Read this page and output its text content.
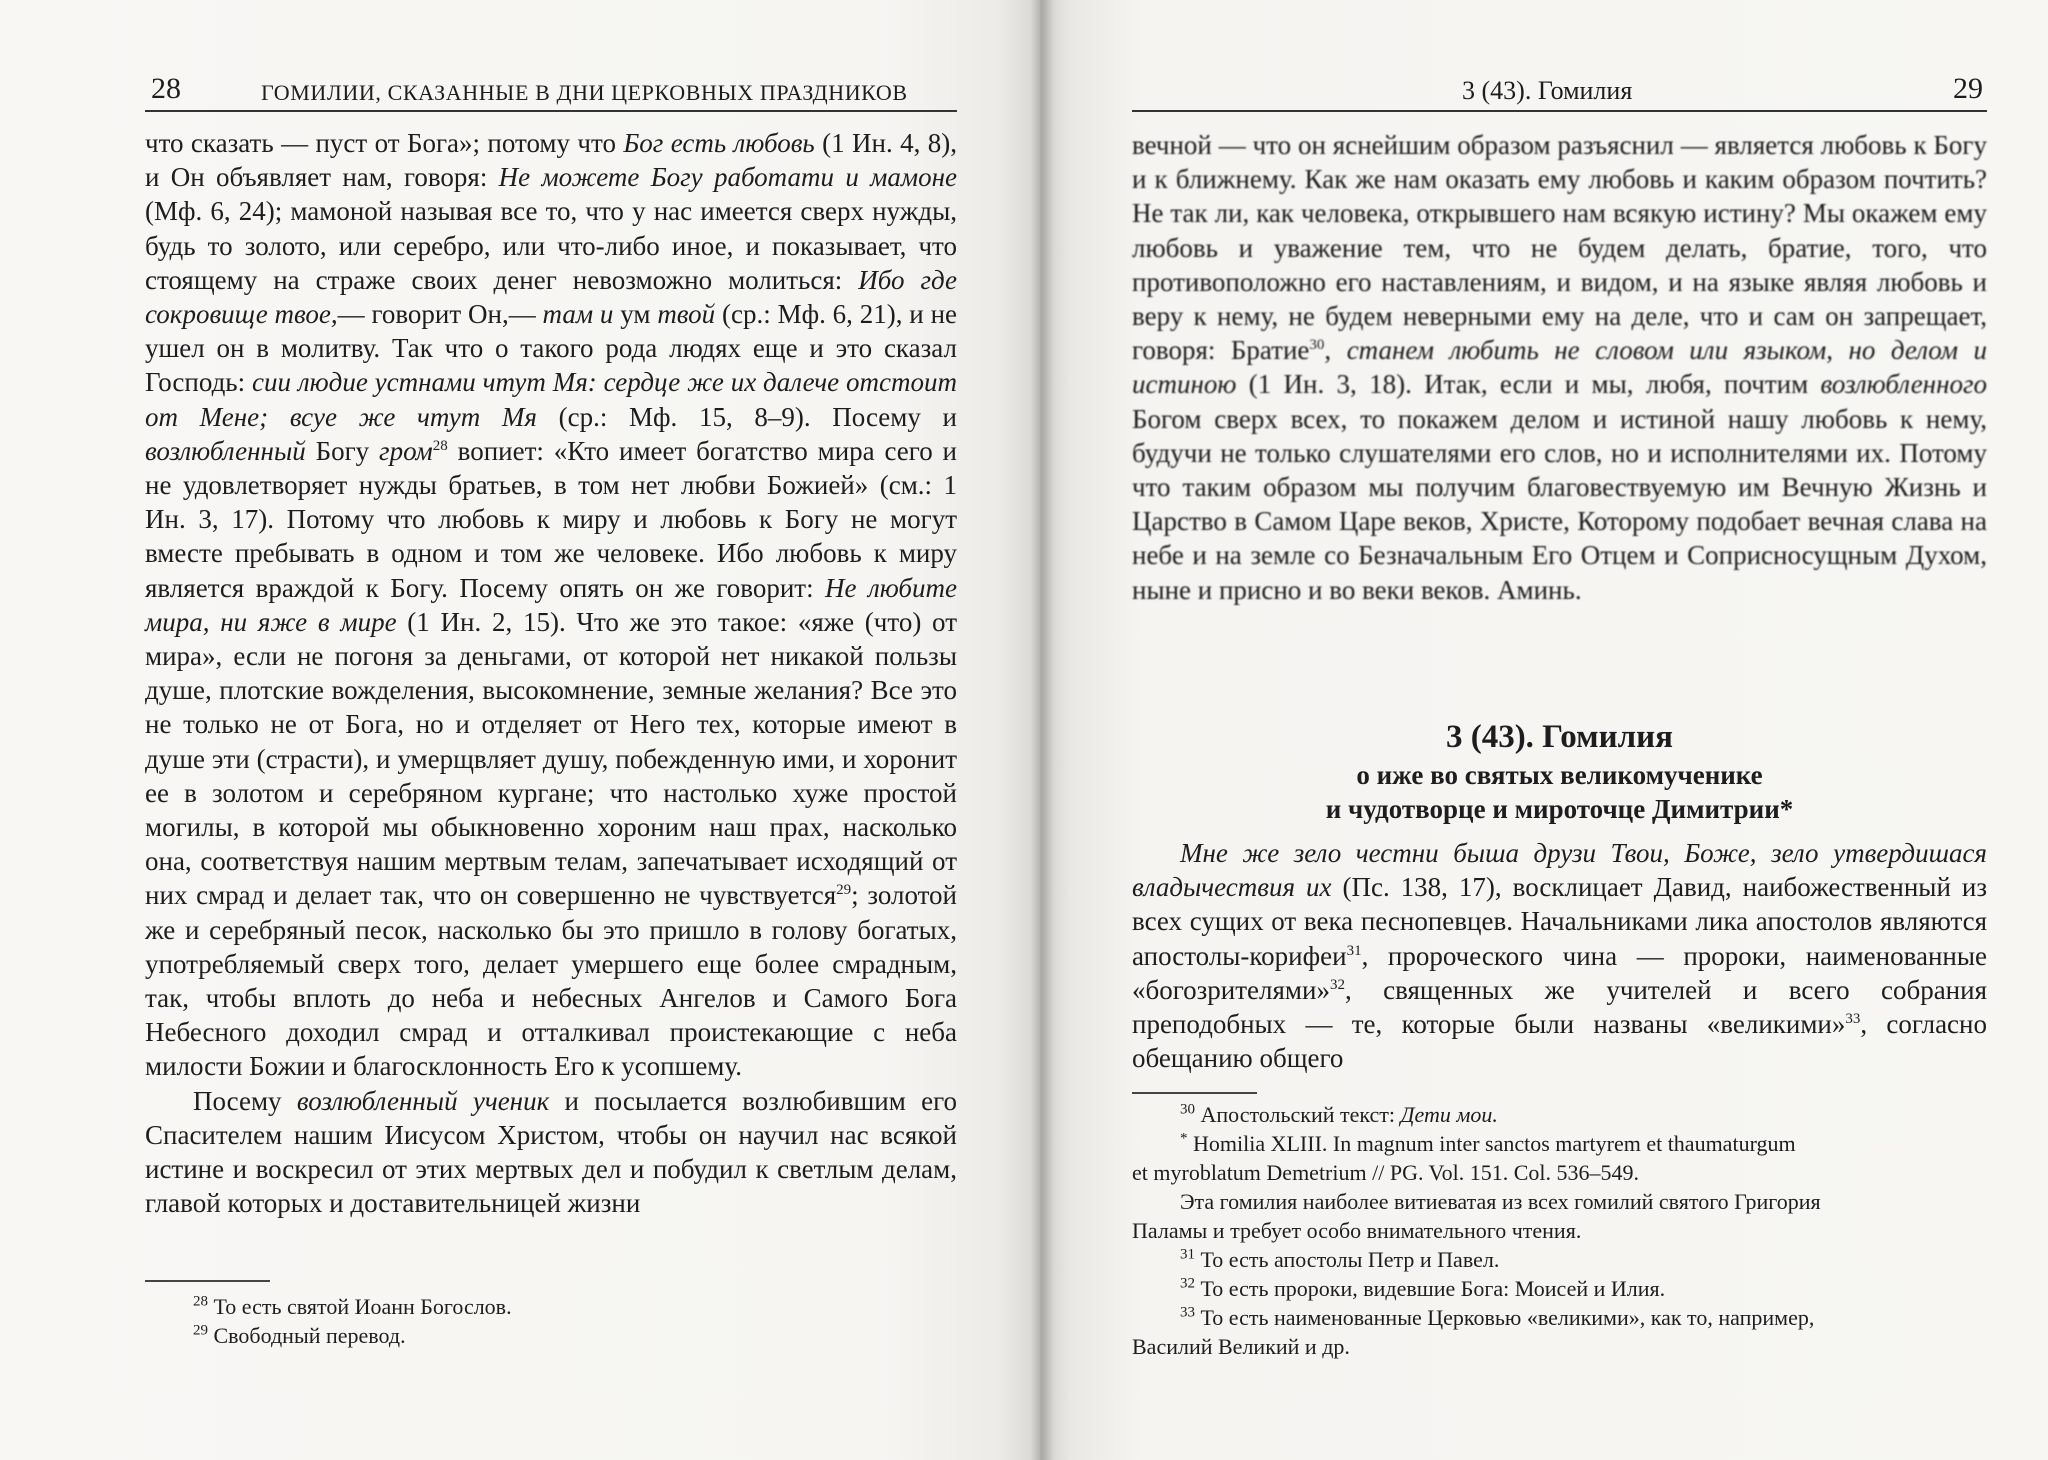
28	ГОМИЛИИ, СКАЗАННЫЕ В ДНИ ЦЕРКОВНЫХ ПРАЗДНИКОВ

что сказать — пуст от Бога»; потому что Бог есть любовь (1 Ин. 4, 8), и Он объявляет нам, говоря: Не можете Богу работати и мамоне (Мф. 6, 24); мамоной называя все то, что у нас имеется сверх нужды, будь то золото, или серебро, или что-либо иное, и показывает, что стоящему на страже своих денег невозможно молиться: Ибо где сокровище твое,— говорит Он,— там и ум твой (ср.: Мф. 6, 21), и не ушел он в молитву. Так что о такого рода людях еще и это сказал Господь: сии людие устнами чтут Мя: сердце же их далече отстоит от Мене; всуе же чтут Мя (ср.: Мф. 15, 8–9). Посему и возлюбленный Богу гром$^{28}$ вопиет: «Кто имеет богатство мира сего и не удовлетворяет нужды братьев, в том нет любви Божией» (см.: 1 Ин. 3, 17). Потому что любовь к миру и любовь к Богу не могут вместе пребывать в одном и том же человеке. Ибо любовь к миру является враждой к Богу. Посему опять он же говорит: Не любите мира, ни яже в мире (1 Ин. 2, 15). Что же это такое: «яже (что) от мира», если не погоня за деньгами, от которой нет никакой пользы душе, плотские вожделения, высокомнение, земные желания? Все это не только не от Бога, но и отделяет от Него тех, которые имеют в душе эти (страсти), и умерщвляет душу, побежденную ими, и хоронит ее в золотом и серебряном кургане; что настолько хуже простой могилы, в которой мы обыкновенно хороним наш прах, насколько она, соответствуя нашим мертвым телам, запечатывает исходящий от них смрад и делает так, что он совершенно не чувствуется$^{29}$; золотой же и серебряный песок, насколько бы это пришло в голову богатых, употребляемый сверх того, делает умершего еще более смрадным, так, чтобы вплоть до неба и небесных Ангелов и Самого Бога Небесного доходил смрад и отталкивал проистекающие с неба милости Божии и благосклонность Его к усопшему.

Посему возлюбленный ученик и посылается возлюбившим его Спасителем нашим Иисусом Христом, чтобы он научил нас всякой истине и воскресил от этих мертвых дел и побудил к светлым делам, главой которых и доставительницей жизни

$^{28}$ То есть святой Иоанн Богослов.
$^{29}$ Свободный перевод.
3 (43). Гомилия	29

вечной — что он яснейшим образом разъяснил — является любовь к Богу и к ближнему. Как же нам оказать ему любовь и каким образом почтить? Не так ли, как человека, открывшего нам всякую истину? Мы окажем ему любовь и уважение тем, что не будем делать, братие, того, что противоположно его наставлениям, и видом, и на языке являя любовь и веру к нему, не будем неверными ему на деле, что и сам он запрещает, говоря: Братие$^{30}$, станем любить не словом или языком, но делом и истиною (1 Ин. 3, 18). Итак, если и мы, любя, почтим возлюбленного Богом сверх всех, то покажем делом и истиной нашу любовь к нему, будучи не только слушателями его слов, но и исполнителями их. Потому что таким образом мы получим благовествуемую им Вечную Жизнь и Царство в Самом Царе веков, Христе, Которому подобает вечная слава на небе и на земле со Безначальным Его Отцем и Соприсносущным Духом, ныне и присно и во веки веков. Аминь.

3 (43). Гомилия
о иже во святых великомученике
и чудотворце и мироточце Димитрии*

Мне же зело честни быша друзи Твои, Боже, зело утвердишася владычествия их (Пс. 138, 17), восклицает Давид, наибожественный из всех сущих от века песнопевцев. Начальниками лика апостолов являются апостолы-корифеи$^{31}$, пророческого чина — пророки, наименованные «богозрителями»$^{32}$, священных же учителей и всего собрания преподобных — те, которые были названы «великими»$^{33}$, согласно обещанию общего

$^{30}$ Апостольский текст: Дети мои.
* Homilia XLIII. In magnum inter sanctos martyrem et thaumaturgum
et myroblatum Demetrium // PG. Vol. 151. Col. 536–549.
Эта гомилия наиболее витиеватая из всех гомилий святого Григория
Паламы и требует особо внимательного чтения.
$^{31}$ То есть апостолы Петр и Павел.
$^{32}$ То есть пророки, видевшие Бога: Моисей и Илия.
$^{33}$ То есть наименованные Церковью «великими», как то, например,
Василий Великий и др.
